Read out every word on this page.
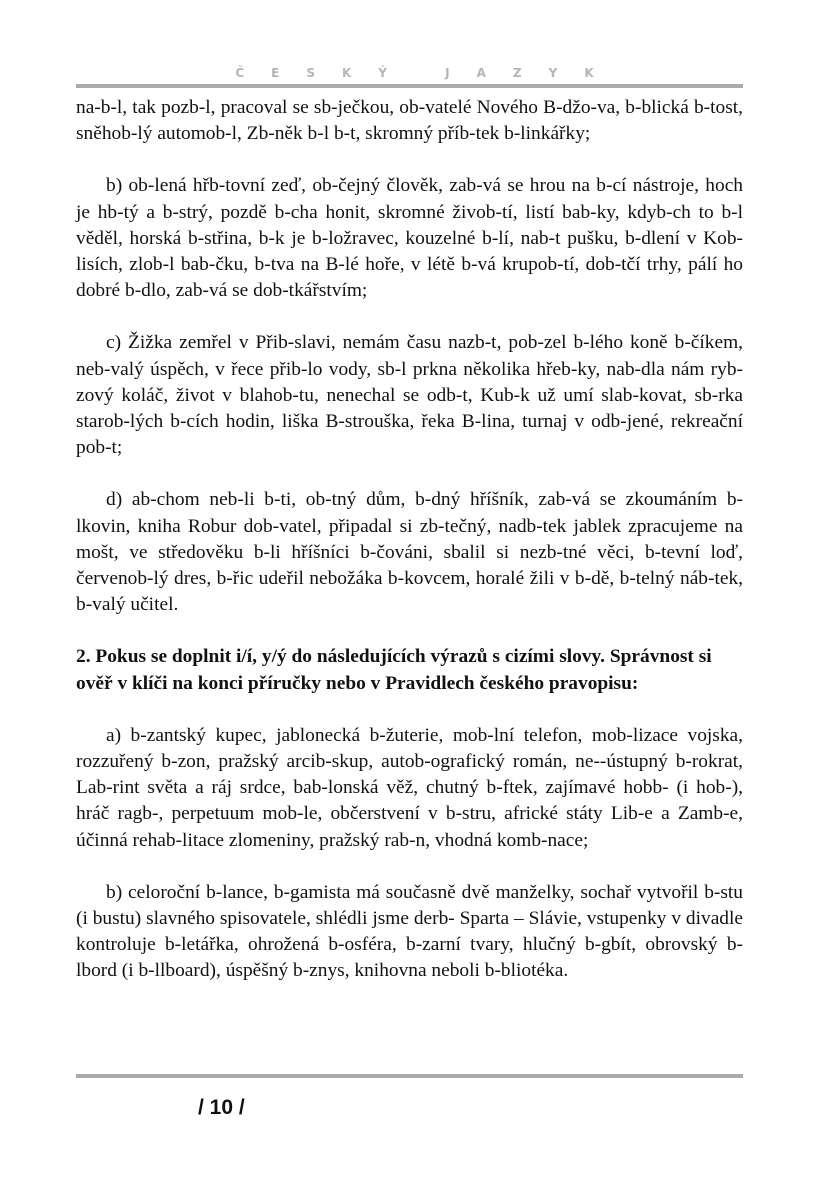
ČESKÝ JAZYK

na-b-l, tak pozb-l, pracoval se sb-ječkou, ob-vatelé Nového B-džo-va, b-blická b-tost, sněhob-lý automob-l, Zb-něk b-l b-t, skromný příb-tek b-linkářky;

b) ob-lená hřb-tovní zeď, ob-čejný člověk, zab-vá se hrou na b-cí nástroje, hoch je hb-tý a b-strý, pozdě b-cha honit, skromné živob-tí, listí bab-ky, kdyb-ch to b-l věděl, horská b-střina, b-k je b-ložravec, kouzelné b-lí, nab-t pušku, b-dlení v Kob-lisích, zlob-l bab-čku, b-tva na B-lé hoře, v létě b-vá krupob-tí, dob-tčí trhy, pálí ho dobré b-dlo, zab-vá se dob-tkářstvím;

c) Žižka zemřel v Přib-slavi, nemám času nazb-t, pob-zel b-lého koně b-číkem, neb-valý úspěch, v řece přib-lo vody, sb-l prkna několika hřeb-ky, nab-dla nám ryb-zový koláč, život v blahob-tu, nenechal se odb-t, Kub-k už umí slab-kovat, sb-rka starob-lých b-cích hodin, liška B-strouška, řeka B-lina, turnaj v odb-jené, rekreační pob-t;

d) ab-chom neb-li b-ti, ob-tný dům, b-dný hříšník, zab-vá se zkoumáním b-lkovin, kniha Robur dob-vatel, připadal si zb-tečný, nadb-tek jablek zpracujeme na mošt, ve středověku b-li hříšníci b-čováni, sbalil si nezb-tné věci, b-tevní loď, červenob-lý dres, b-řic udeřil nebožáka b-kovcem, horalé žili v b-dě, b-telný náb-tek, b-valý učitel.

2. Pokus se doplnit i/í, y/ý do následujících výrazů s cizími slovy. Správnost si ověř v klíči na konci příručky nebo v Pravidlech českého pravopisu:

a) b-zantský kupec, jablonecká b-žuterie, mob-lní telefon, mob-lizace vojska, rozzuřený b-zon, pražský arcib-skup, autob-ografický román, ne--ústupný b-rokrat, Lab-rint světa a ráj srdce, bab-lonská věž, chutný b-ftek, zajímavé hobb- (i hob-), hráč ragb-, perpetuum mob-le, občerstvení v b-stru, africké státy Lib-e a Zamb-e, účinná rehab-litace zlomeniny, pražský rab-n, vhodná komb-nace;

b) celoroční b-lance, b-gamista má současně dvě manželky, sochař vytvořil b-stu (i bustu) slavného spisovatele, shlédli jsme derb- Sparta – Slávie, vstupenky v divadle kontroluje b-letářka, ohrožená b-osféra, b-zarní tvary, hlučný b-gbít, obrovský b-lbord (i b-llboard), úspěšný b-znys, knihovna neboli b-bliotéka.

/ 10 /
